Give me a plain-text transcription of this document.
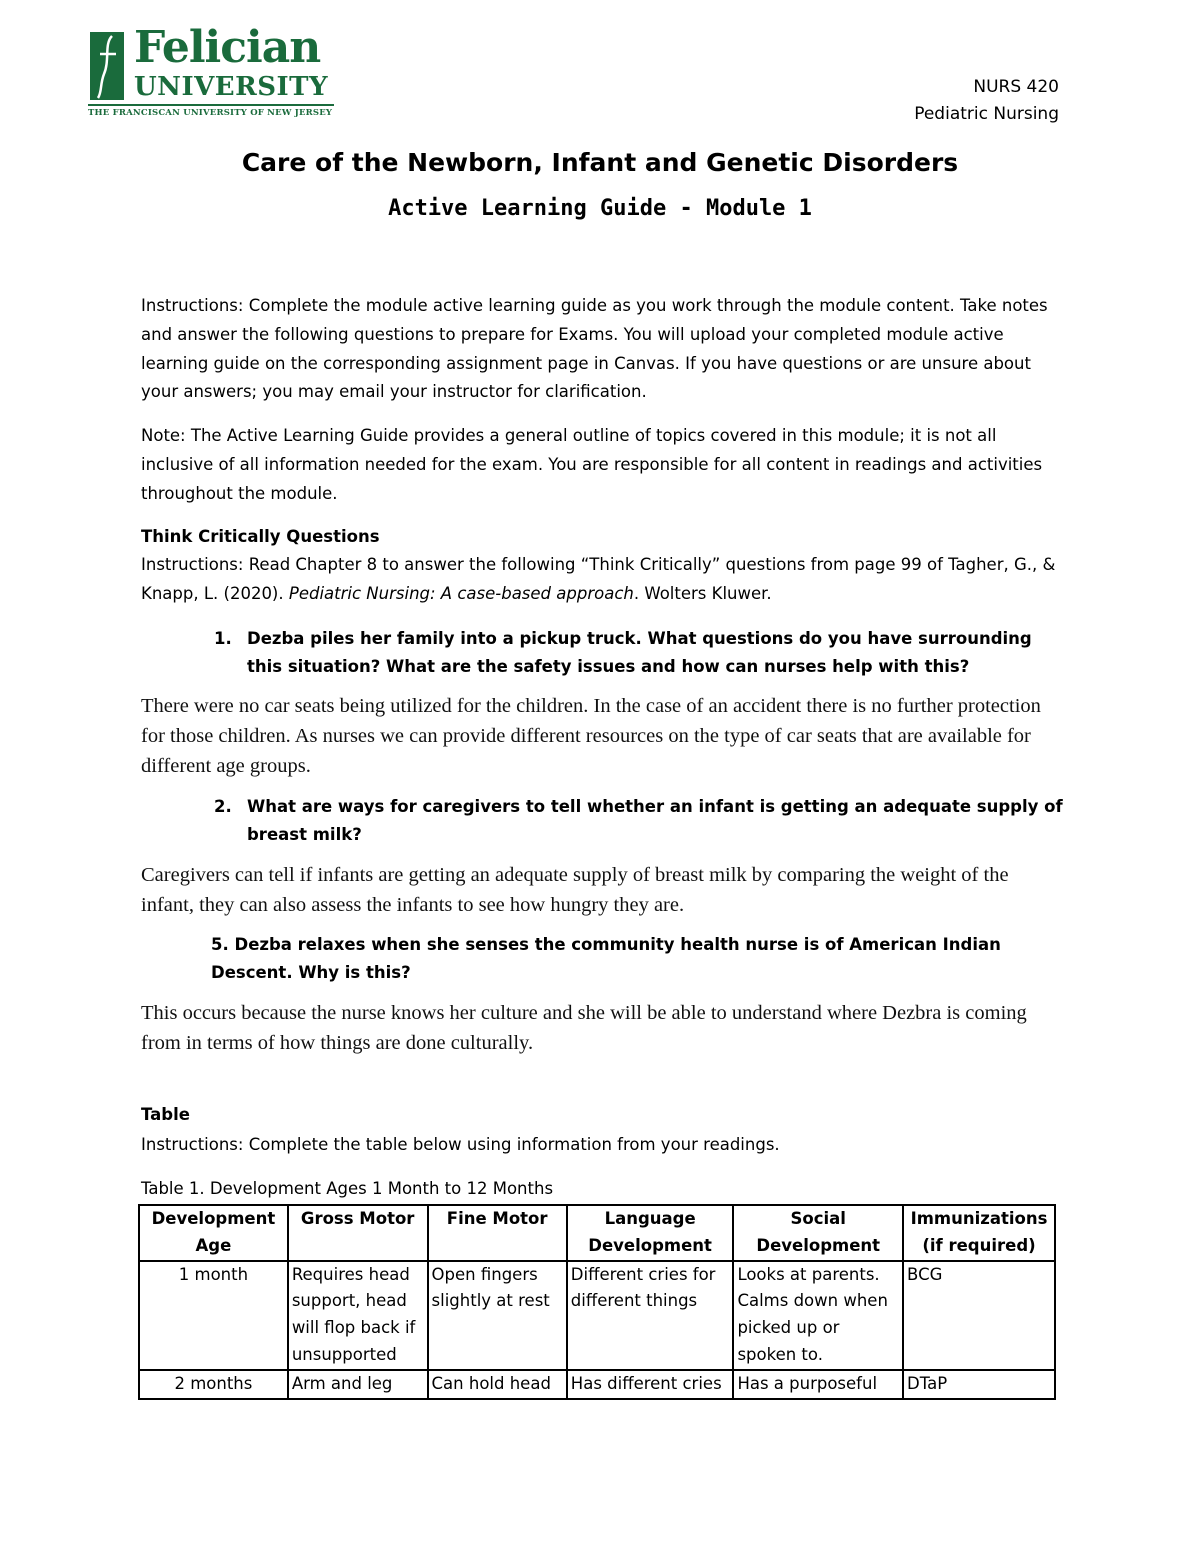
Felician
UNIVERSITY
THE FRANCISCAN UNIVERSITY OF NEW JERSEY
NURS 420
Pediatric Nursing
Care of the Newborn, Infant and Genetic Disorders
Active Learning Guide - Module 1
Instructions: Complete the module active learning guide as you work through the module content. Take notes and answer the following questions to prepare for Exams. You will upload your completed module active learning guide on the corresponding assignment page in Canvas. If you have questions or are unsure about your answers; you may email your instructor for clarification.
Note: The Active Learning Guide provides a general outline of topics covered in this module; it is not all inclusive of all information needed for the exam. You are responsible for all content in readings and activities throughout the module.
Think Critically Questions
Instructions: Read Chapter 8 to answer the following “Think Critically” questions from page 99 of Tagher, G., & Knapp, L. (2020). Pediatric Nursing: A case-based approach. Wolters Kluwer.
1. Dezba piles her family into a pickup truck. What questions do you have surrounding this situation? What are the safety issues and how can nurses help with this?
There were no car seats being utilized for the children. In the case of an accident there is no further protection for those children. As nurses we can provide different resources on the type of car seats that are available for different age groups.
2. What are ways for caregivers to tell whether an infant is getting an adequate supply of breast milk?
Caregivers can tell if infants are getting an adequate supply of breast milk by comparing the weight of the infant, they can also assess the infants to see how hungry they are.
5. Dezba relaxes when she senses the community health nurse is of American Indian Descent. Why is this?
This occurs because the nurse knows her culture and she will be able to understand where Dezbra is coming from in terms of how things are done culturally.
Table
Instructions: Complete the table below using information from your readings.
Table 1. Development Ages 1 Month to 12 Months
Development Age	Gross Motor	Fine Motor	Language Development	Social Development	Immunizations (if required)
1 month	Requires head support, head will flop back if unsupported	Open fingers slightly at rest	Different cries for different things	Looks at parents. Calms down when picked up or spoken to.	BCG
2 months	Arm and leg	Can hold head	Has different cries	Has a purposeful	DTaP
